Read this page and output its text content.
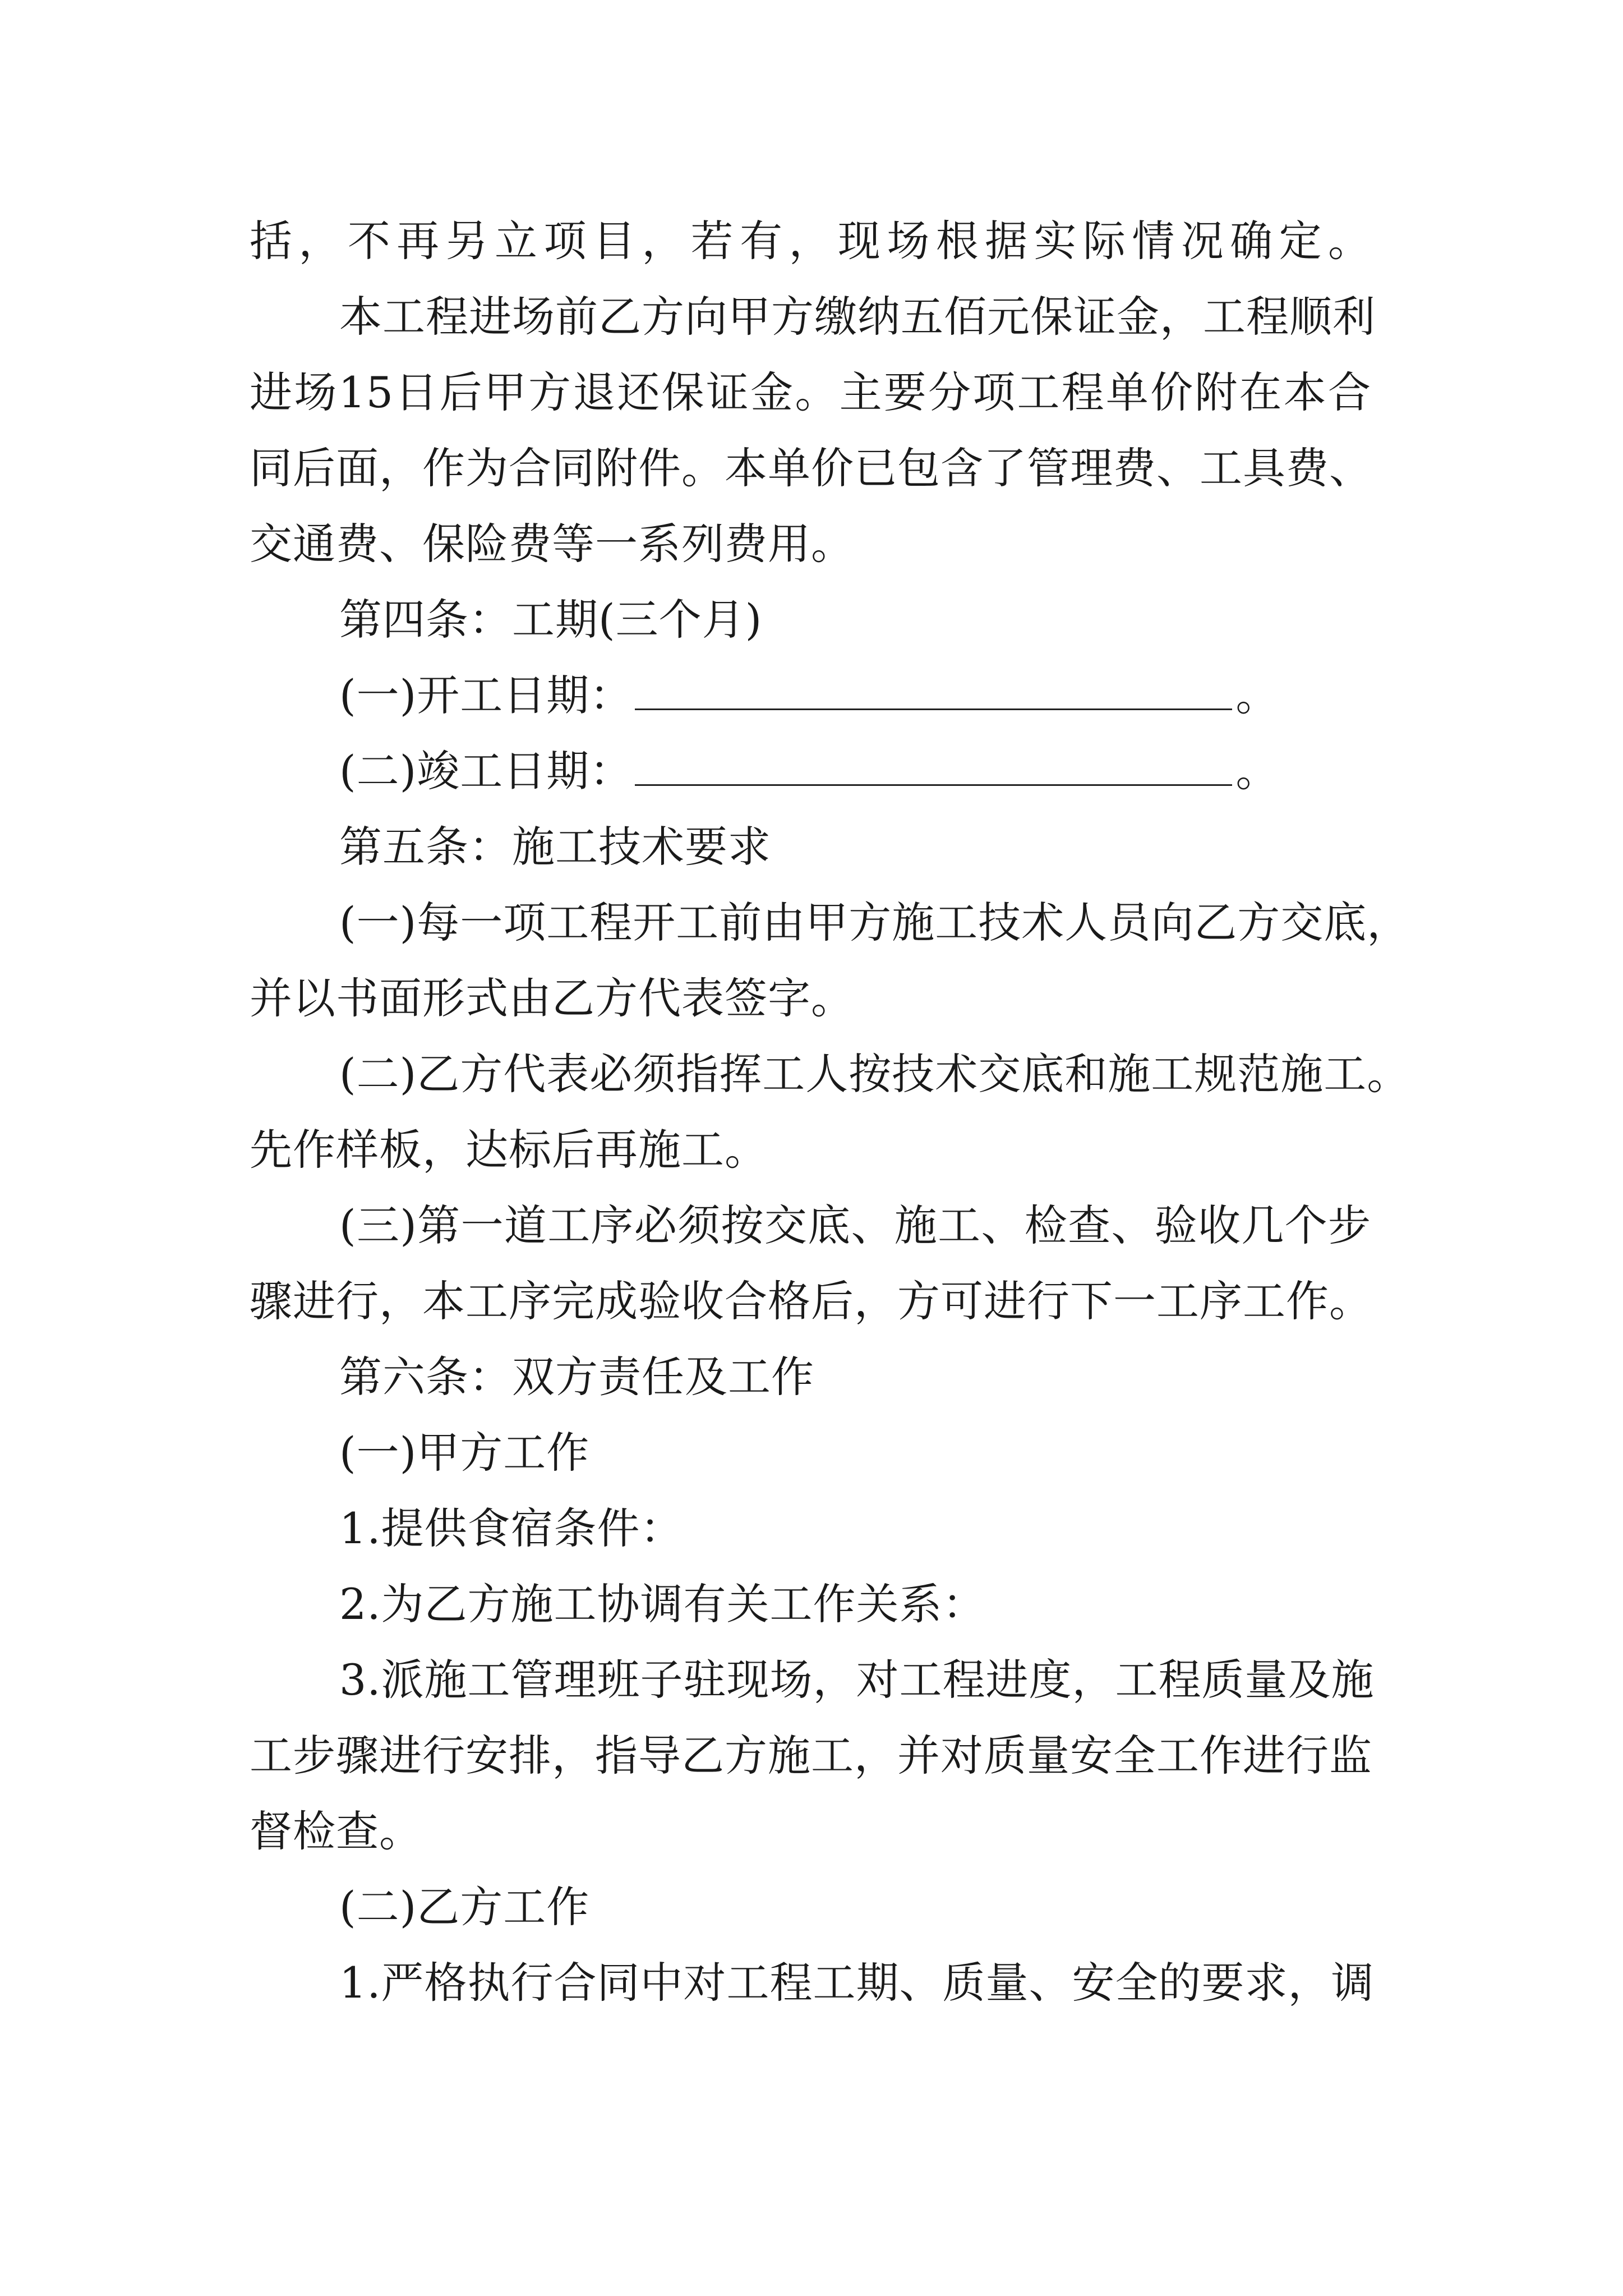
括，不再另立项目，若有，现场根据实际情况确定。
本工程进场前乙方向甲方缴纳五佰元保证金，工程顺利
进场15日后甲方退还保证金。主要分项工程单价附在本合
同后面，作为合同附件。本单价已包含了管理费、工具费、
交通费、保险费等一系列费用。
第四条：工期(三个月)
(一)开工日期：	。
(二)竣工日期：	。
第五条：施工技术要求
(一)每一项工程开工前由甲方施工技术人员向乙方交底，
并以书面形式由乙方代表签字。
(二)乙方代表必须指挥工人按技术交底和施工规范施工。
先作样板，达标后再施工。
(三)第一道工序必须按交底、施工、检查、验收几个步
骤进行，本工序完成验收合格后，方可进行下一工序工作。
第六条：双方责任及工作
(一)甲方工作
1.提供食宿条件：
2.为乙方施工协调有关工作关系：
3.派施工管理班子驻现场，对工程进度，工程质量及施
工步骤进行安排，指导乙方施工，并对质量安全工作进行监
督检查。
(二)乙方工作
1.严格执行合同中对工程工期、质量、安全的要求，调
